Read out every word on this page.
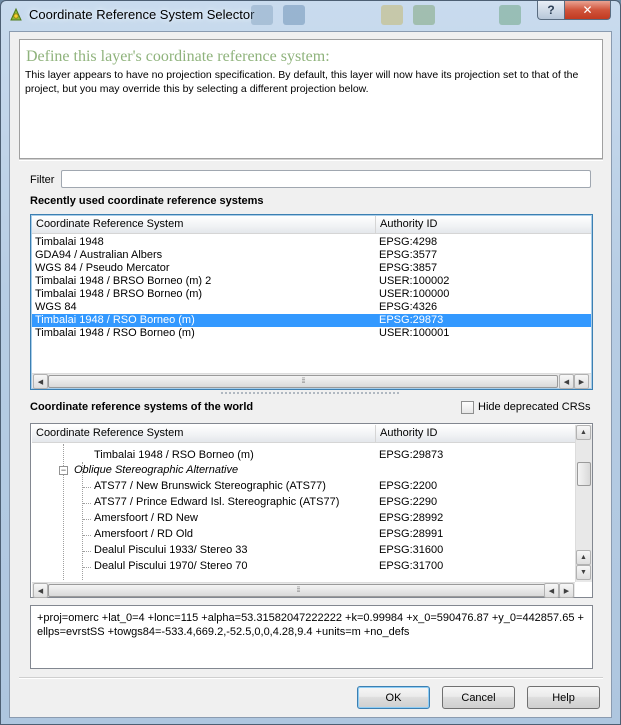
Coordinate Reference System Selector	? ✕
Define this layer's coordinate reference system:
This layer appears to have no projection specification. By default, this layer will now have its projection set to that of the project, but you may override this by selecting a different projection below.
Filter
Recently used coordinate reference systems
Coordinate Reference System	Authority ID
Timbalai 1948	EPSG:4298
GDA94 / Australian Albers	EPSG:3577
WGS 84 / Pseudo Mercator	EPSG:3857
Timbalai 1948 / BRSO Borneo (m) 2	USER:100002
Timbalai 1948 / BRSO Borneo (m)	USER:100000
WGS 84	EPSG:4326
Timbalai 1948 / RSO Borneo (m)	EPSG:29873
Timbalai 1948 / RSO Borneo (m)	USER:100001
◀	⁞⁞⁞	◀ ▶
Coordinate reference systems of the world	Hide deprecated CRSs
Coordinate Reference System	Authority ID
Timbalai 1948 / RSO Borneo (m)	EPSG:29873
− Oblique Stereographic Alternative
ATS77 / New Brunswick Stereographic (ATS77)	EPSG:2200
ATS77 / Prince Edward Isl. Stereographic (ATS77)	EPSG:2290
Amersfoort / RD New	EPSG:28992
Amersfoort / RD Old	EPSG:28991
Dealul Piscului 1933/ Stereo 33	EPSG:31600
Dealul Piscului 1970/ Stereo 70	EPSG:31700
▲
▲
▼
◀	⁞⁞⁞	◀ ▶
+proj=omerc +lat_0=4 +lonc=115 +alpha=53.31582047222222 +k=0.99984 +x_0=590476.87 +y_0=442857.65 +ellps=evrstSS +towgs84=-533.4,669.2,-52.5,0,0,4.28,9.4 +units=m +no_defs
OK	Cancel	Help
